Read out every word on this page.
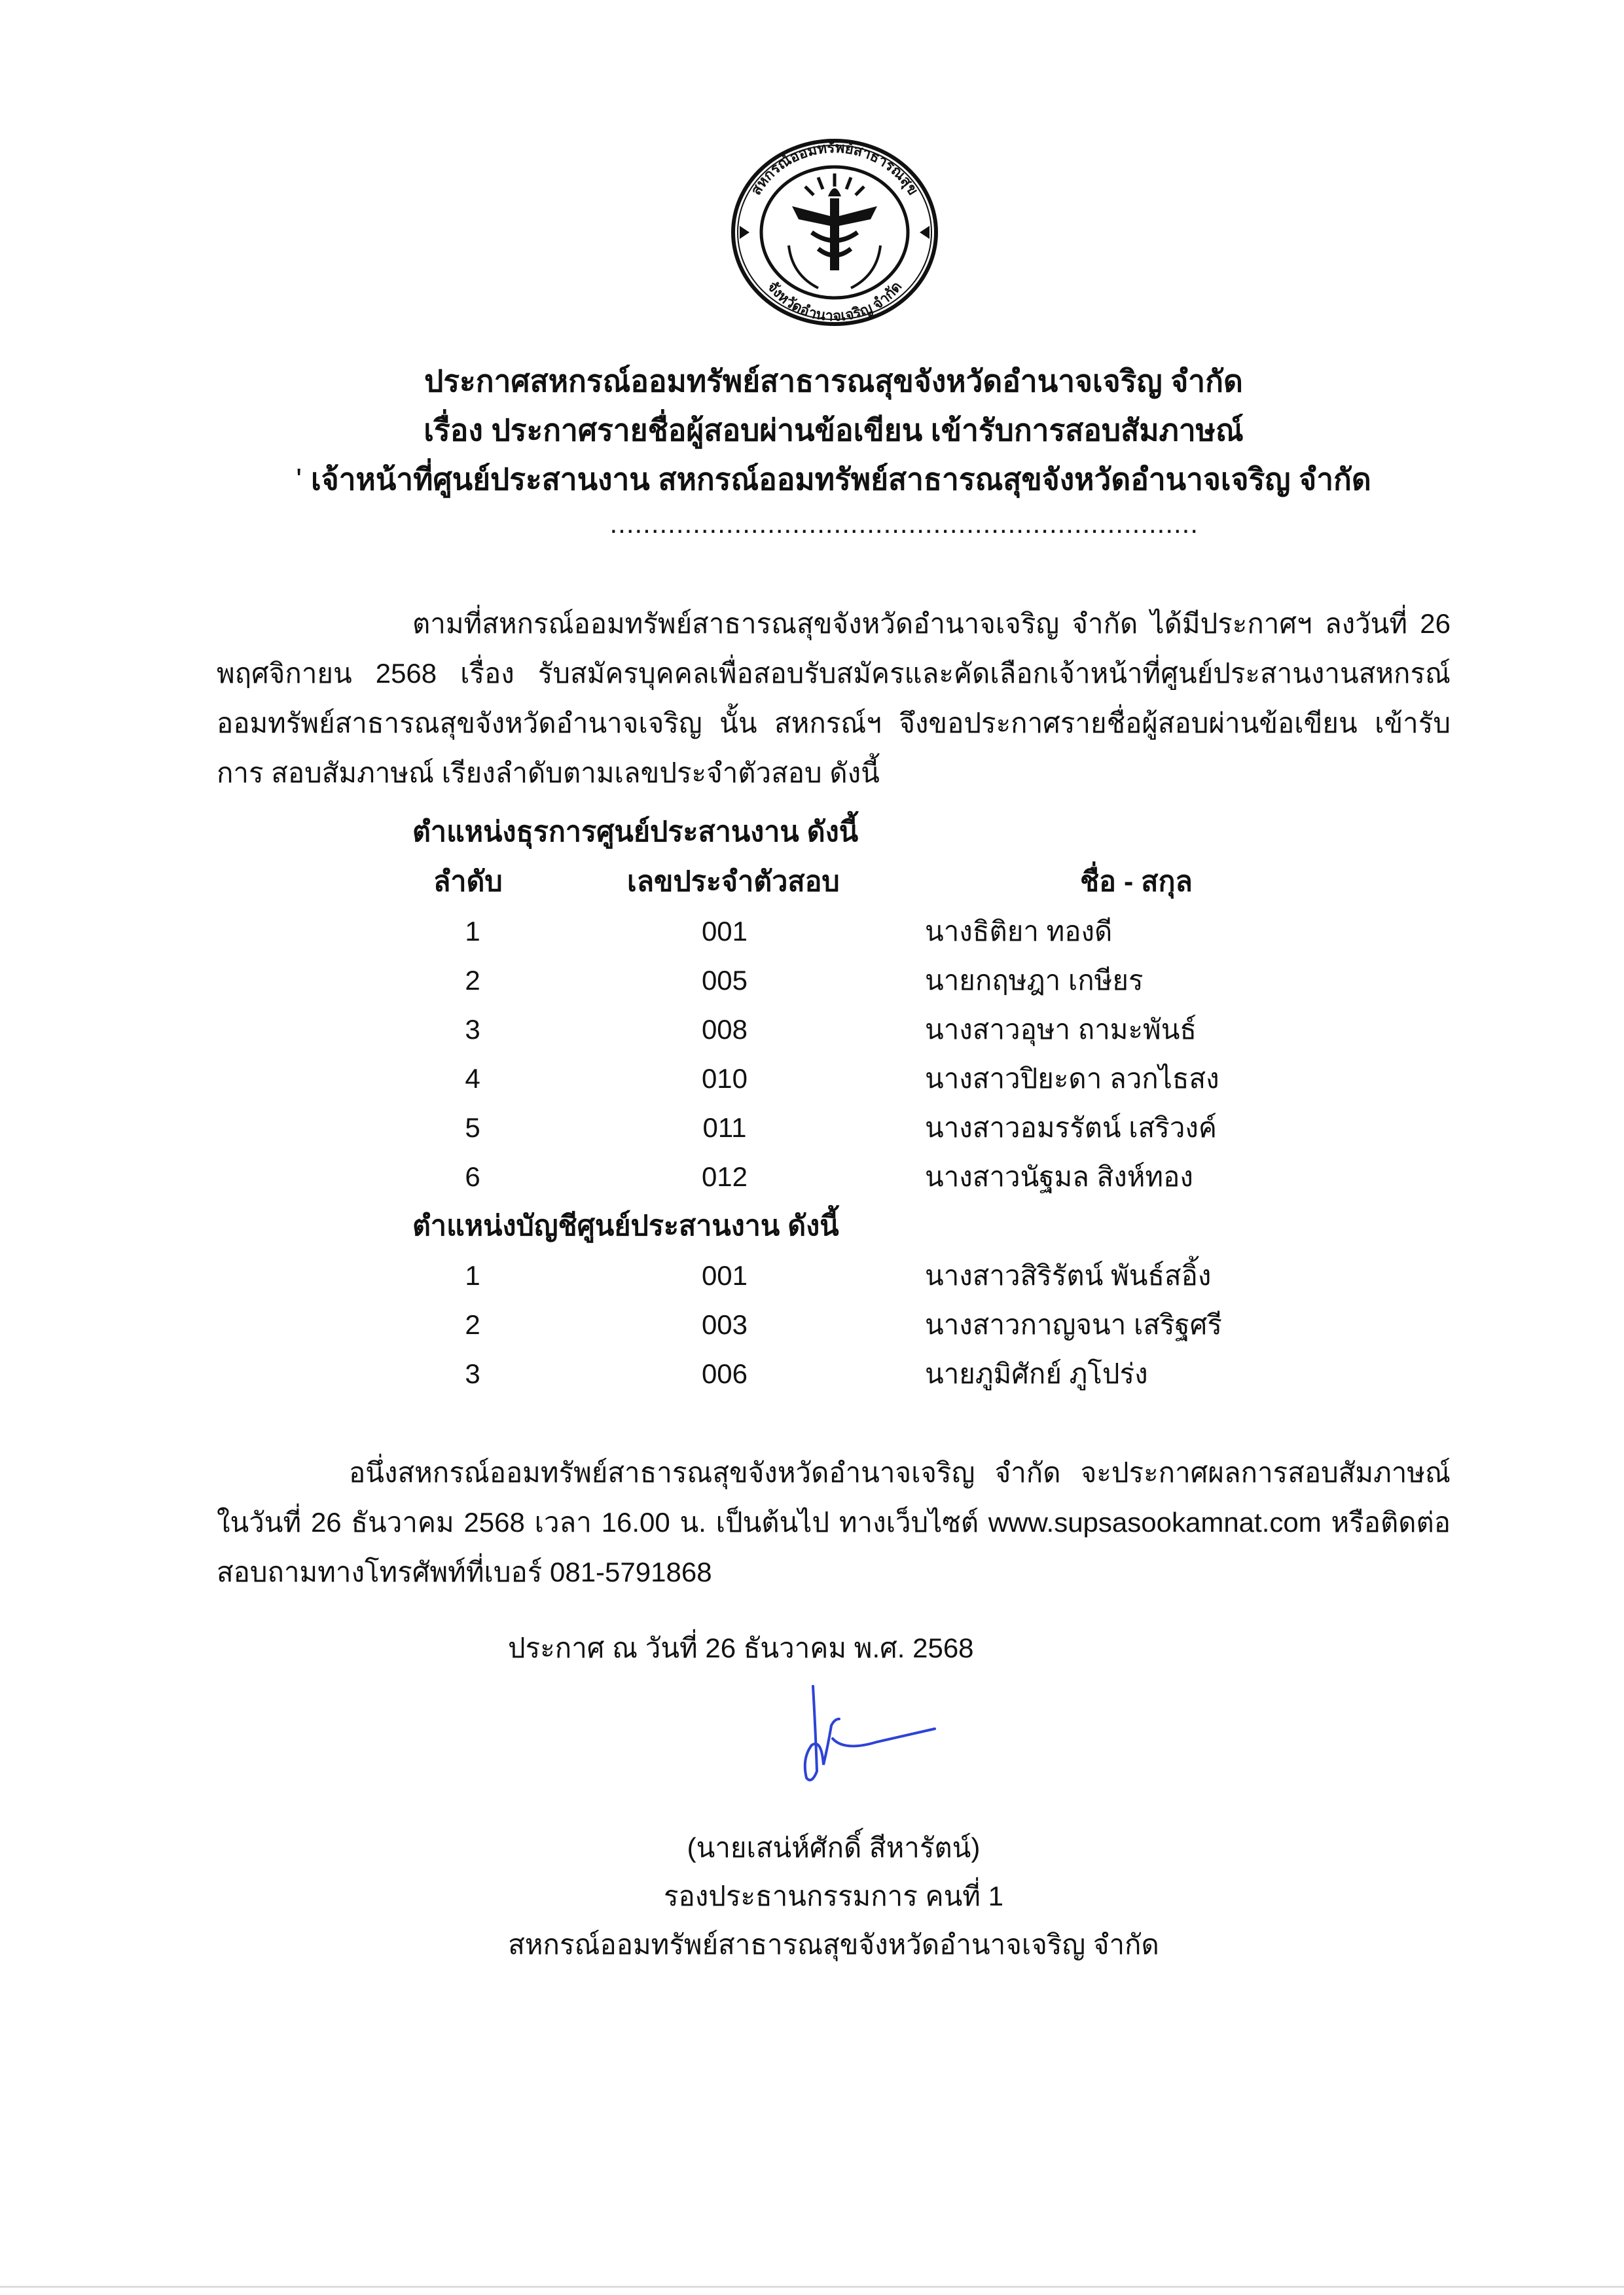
สหกรณ์ออมทรัพย์สาธารณสุข
จังหวัดอำนาจเจริญ จำกัด
ประกาศสหกรณ์ออมทรัพย์สาธารณสุขจังหวัดอำนาจเจริญ จำกัด
เรื่อง ประกาศรายชื่อผู้สอบผ่านข้อเขียน เข้ารับการสอบสัมภาษณ์
ʹ เจ้าหน้าที่ศูนย์ประสานงาน สหกรณ์ออมทรัพย์สาธารณสุขจังหวัดอำนาจเจริญ จำกัด
.......................................................................
ตามที่สหกรณ์ออมทรัพย์สาธารณสุขจังหวัดอำนาจเจริญ จำกัด ได้มีประกาศฯ ลงวันที่ 26 พฤศจิกายน 2568 เรื่อง รับสมัครบุคคลเพื่อสอบรับสมัครและคัดเลือกเจ้าหน้าที่ศูนย์ประสานงานสหกรณ์ ออมทรัพย์สาธารณสุขจังหวัดอำนาจเจริญ นั้น สหกรณ์ฯ จึงขอประกาศรายชื่อผู้สอบผ่านข้อเขียน เข้ารับการ สอบสัมภาษณ์ เรียงลำดับตามเลขประจำตัวสอบ ดังนี้
ตำแหน่งธุรการศูนย์ประสานงาน ดังนี้
ลำดับ	เลขประจำตัวสอบ	ชื่อ - สกุล
1	001	นางธิติยา ทองดี
2	005	นายกฤษฎา เกษียร
3	008	นางสาวอุษา ถามะพันธ์
4	010	นางสาวปิยะดา ลวกไธสง
5	011	นางสาวอมรรัตน์ เสริวงค์
6	012	นางสาวนัฐมล สิงห์ทอง
ตำแหน่งบัญชีศูนย์ประสานงาน ดังนี้
1	001	นางสาวสิริรัตน์ พันธ์สอิ้ง
2	003	นางสาวกาญจนา เสริฐศรี
3	006	นายภูมิศักย์ ภูโปร่ง
อนึ่งสหกรณ์ออมทรัพย์สาธารณสุขจังหวัดอำนาจเจริญ จำกัด จะประกาศผลการสอบสัมภาษณ์ ในวันที่ 26 ธันวาคม 2568 เวลา 16.00 น. เป็นต้นไป ทางเว็บไซต์ www.supsasookamnat.com หรือติดต่อ สอบถามทางโทรศัพท์ที่เบอร์ 081-5791868
ประกาศ ณ วันที่ 26 ธันวาคม พ.ศ. 2568
(นายเสน่ห์ศักดิ์ สีหารัตน์)
รองประธานกรรมการ คนที่ 1
สหกรณ์ออมทรัพย์สาธารณสุขจังหวัดอำนาจเจริญ จำกัด
